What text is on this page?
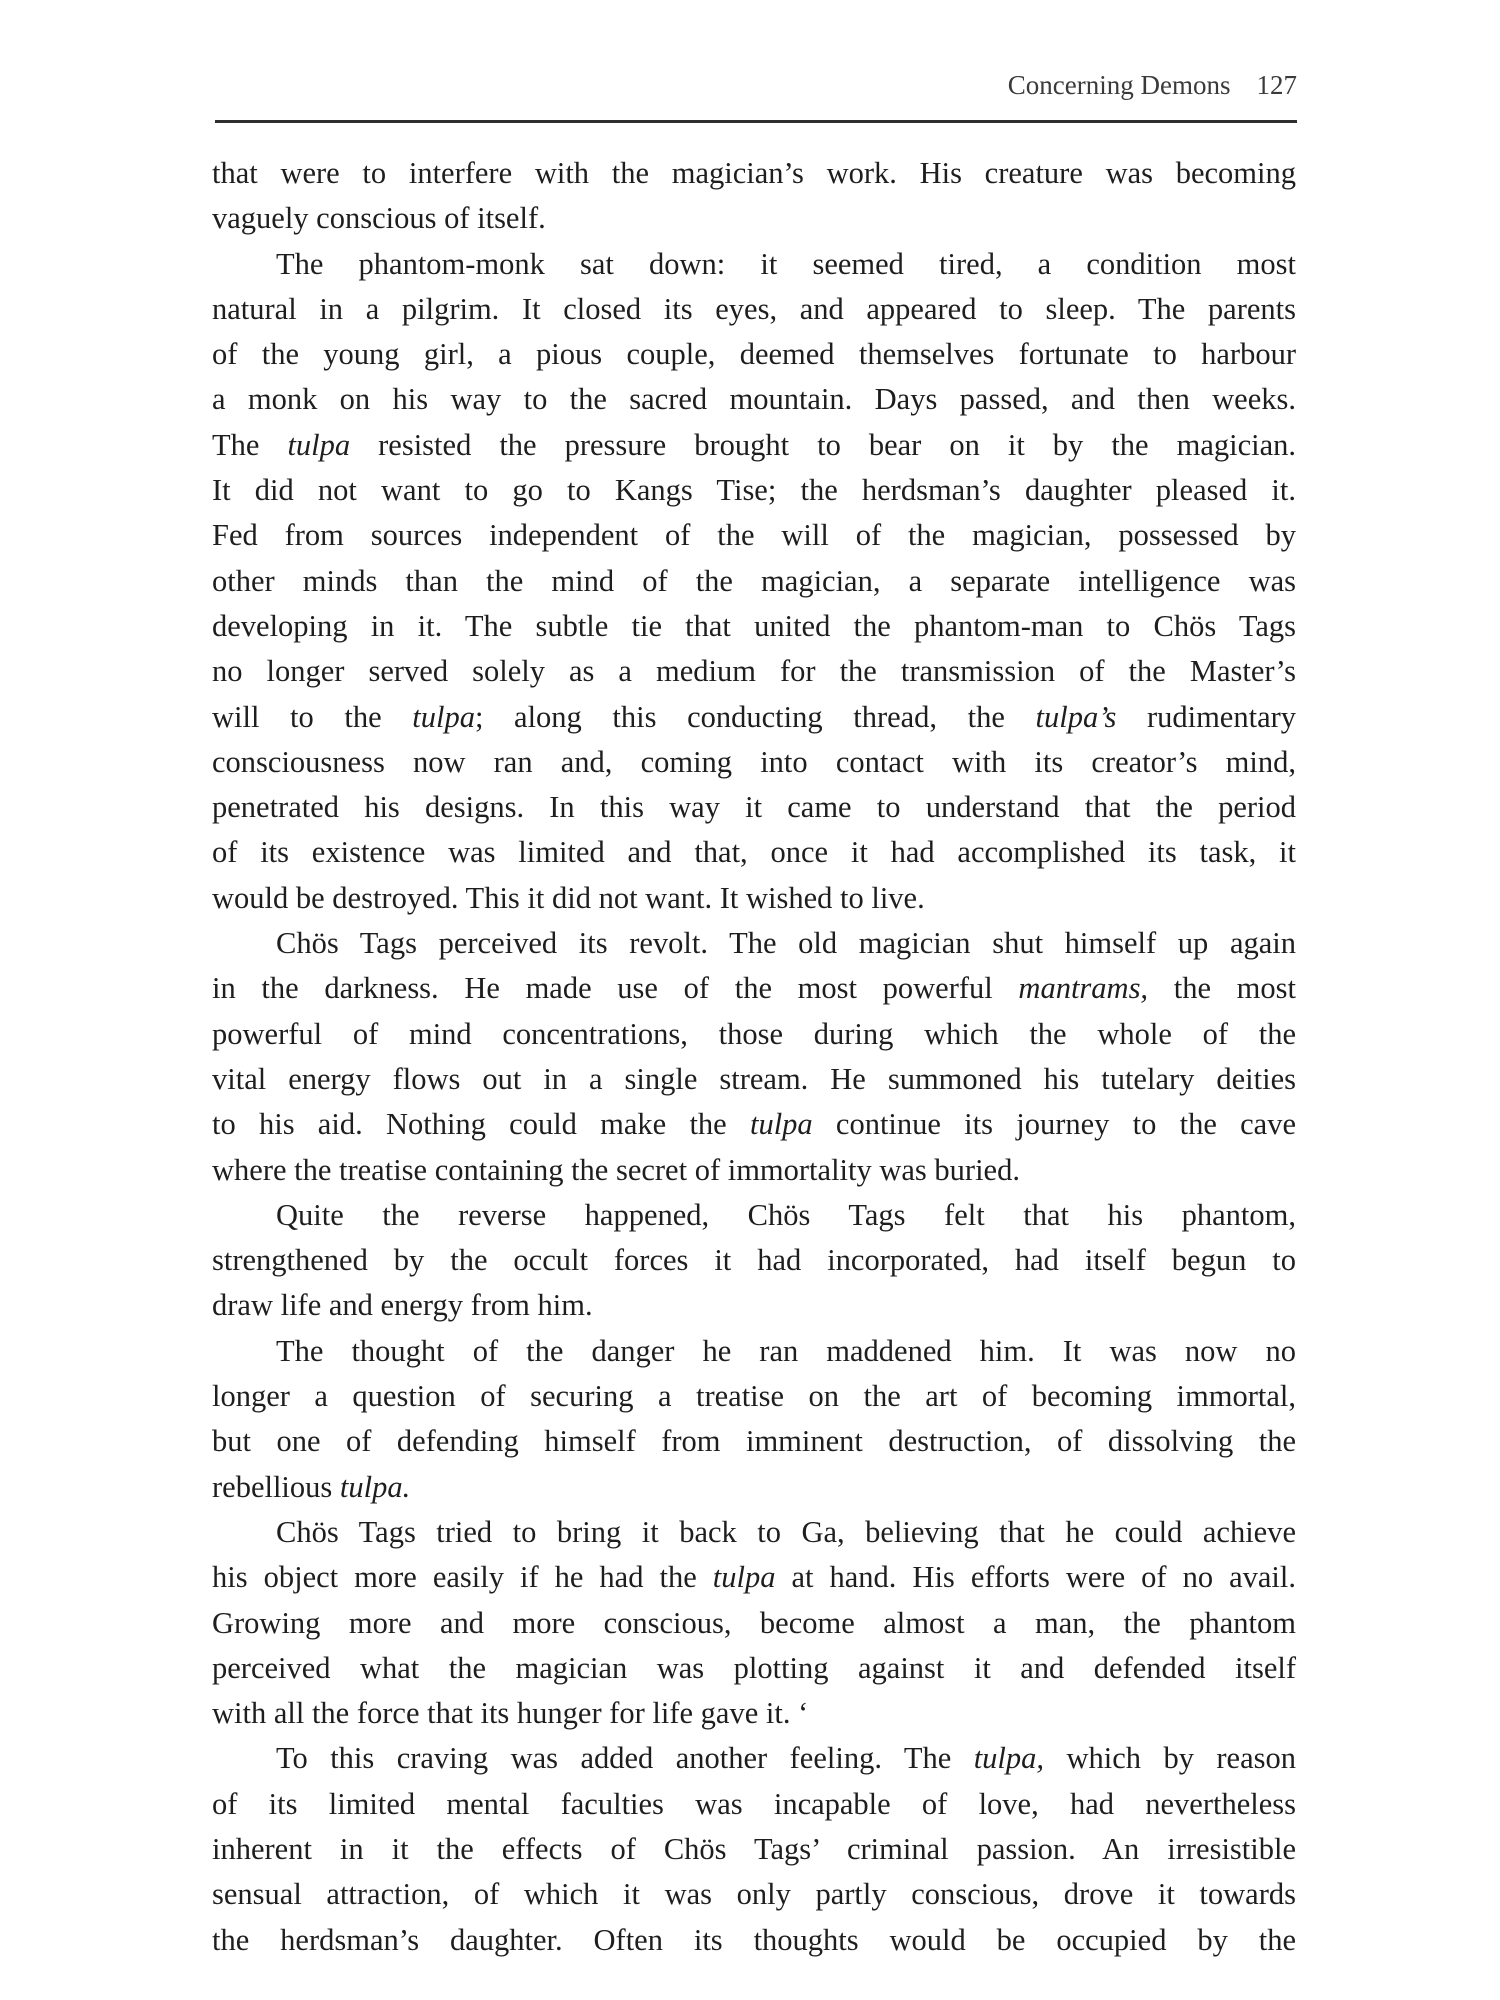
Concerning Demons 127
that were to interfere with the magician’s work. His creature was becoming
vaguely conscious of itself.
The phantom-monk sat down: it seemed tired, a condition most
natural in a pilgrim. It closed its eyes, and appeared to sleep. The parents
of the young girl, a pious couple, deemed themselves fortunate to harbour
a monk on his way to the sacred mountain. Days passed, and then weeks.
The tulpa resisted the pressure brought to bear on it by the magician.
It did not want to go to Kangs Tise; the herdsman’s daughter pleased it.
Fed from sources independent of the will of the magician, possessed by
other minds than the mind of the magician, a separate intelligence was
developing in it. The subtle tie that united the phantom-man to Chös Tags
no longer served solely as a medium for the transmission of the Master’s
will to the tulpa; along this conducting thread, the tulpa’s rudimentary
consciousness now ran and, coming into contact with its creator’s mind,
penetrated his designs. In this way it came to understand that the period
of its existence was limited and that, once it had accomplished its task, it
would be destroyed. This it did not want. It wished to live.
Chös Tags perceived its revolt. The old magician shut himself up again
in the darkness. He made use of the most powerful mantrams, the most
powerful of mind concentrations, those during which the whole of the
vital energy flows out in a single stream. He summoned his tutelary deities
to his aid. Nothing could make the tulpa continue its journey to the cave
where the treatise containing the secret of immortality was buried.
Quite the reverse happened, Chös Tags felt that his phantom,
strengthened by the occult forces it had incorporated, had itself begun to
draw life and energy from him.
The thought of the danger he ran maddened him. It was now no
longer a question of securing a treatise on the art of becoming immortal,
but one of defending himself from imminent destruction, of dissolving the
rebellious tulpa.
Chös Tags tried to bring it back to Ga, believing that he could achieve
his object more easily if he had the tulpa at hand. His efforts were of no avail.
Growing more and more conscious, become almost a man, the phantom
perceived what the magician was plotting against it and defended itself
with all the force that its hunger for life gave it. ‘
To this craving was added another feeling. The tulpa, which by reason
of its limited mental faculties was incapable of love, had nevertheless
inherent in it the effects of Chös Tags’ criminal passion. An irresistible
sensual attraction, of which it was only partly conscious, drove it towards
the herdsman’s daughter. Often its thoughts would be occupied by the
